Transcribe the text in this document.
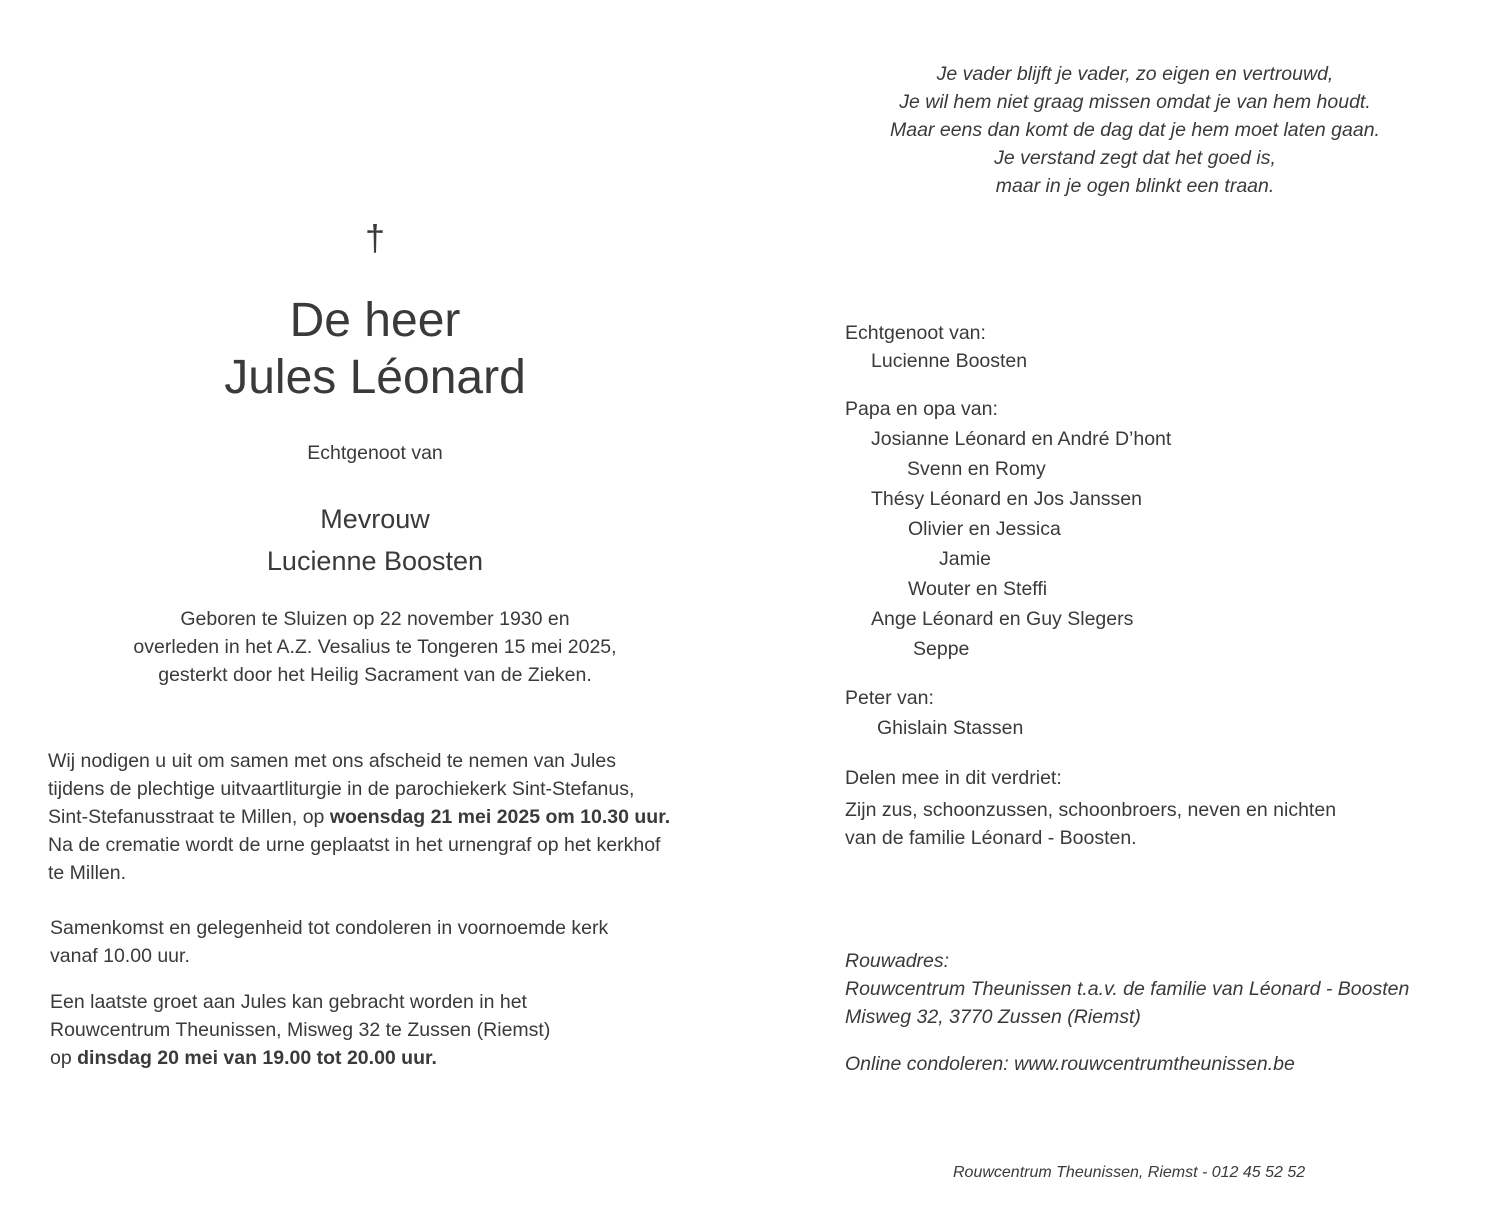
Je vader blijft je vader, zo eigen en vertrouwd,
Je wil hem niet graag missen omdat je van hem houdt.
Maar eens dan komt de dag dat je hem moet laten gaan.
Je verstand zegt dat het goed is,
maar in je ogen blinkt een traan.
†
De heer
Jules Léonard
Echtgenoot van
Mevrouw
Lucienne Boosten
Geboren te Sluizen op 22 november 1930 en
overleden in het A.Z. Vesalius te Tongeren 15 mei 2025,
gesterkt door het Heilig Sacrament van de Zieken.
Wij nodigen u uit om samen met ons afscheid te nemen van Jules
tijdens de plechtige uitvaartliturgie in de parochiekerk Sint-Stefanus,
Sint-Stefanusstraat te Millen, op woensdag 21 mei 2025 om 10.30 uur.
Na de crematie wordt de urne geplaatst in het urnengraf op het kerkhof
te Millen.
Samenkomst en gelegenheid tot condoleren in voornoemde kerk
vanaf 10.00 uur.
Een laatste groet aan Jules kan gebracht worden in het
Rouwcentrum Theunissen, Misweg 32 te Zussen (Riemst)
op dinsdag 20 mei van 19.00 tot 20.00 uur.
Echtgenoot van:
Lucienne Boosten
Papa en opa van:
Josianne Léonard en André D’hont
Svenn en Romy
Thésy Léonard en Jos Janssen
Olivier en Jessica
Jamie
Wouter en Steffi
Ange Léonard en Guy Slegers
Seppe
Peter van:
Ghislain Stassen
Delen mee in dit verdriet:
Zijn zus, schoonzussen, schoonbroers, neven en nichten
van de familie Léonard - Boosten.
Rouwadres:
Rouwcentrum Theunissen t.a.v. de familie van Léonard - Boosten
Misweg 32, 3770 Zussen (Riemst)
Online condoleren: www.rouwcentrumtheunissen.be
Rouwcentrum Theunissen, Riemst - 012 45 52 52
